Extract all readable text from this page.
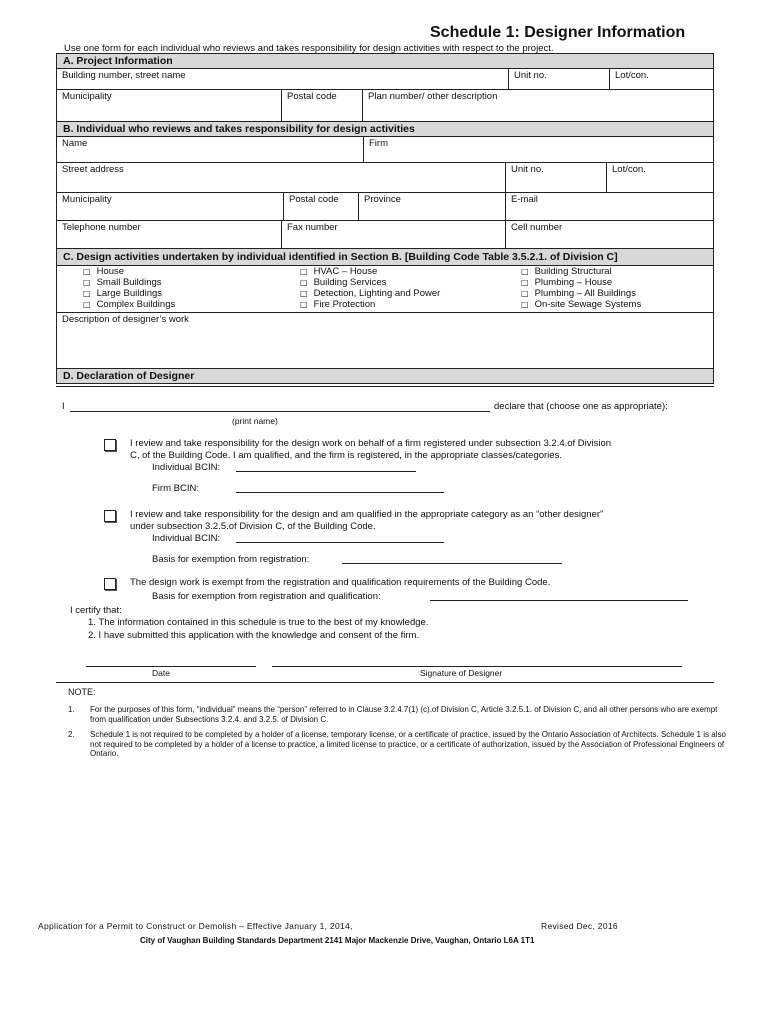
Schedule 1: Designer Information
Use one form for each individual who reviews and takes responsibility for design activities with respect to the project.
A. Project Information
Building number, street name	Unit no.	Lot/con.
Municipality	Postal code	Plan number/ other description
B. Individual who reviews and takes responsibility for design activities
Name	Firm
Street address	Unit no.	Lot/con.
Municipality	Postal code	Province	E-mail
Telephone number	Fax number	Cell number
C. Design activities undertaken by individual identified in Section B. [Building Code Table 3.5.2.1. of Division C]
□ House
□ Small Buildings
□ Large Buildings
□ Complex Buildings
□ HVAC – House
□ Building Services
□ Detection, Lighting and Power
□ Fire Protection
□ Building Structural
□ Plumbing – House
□ Plumbing – All Buildings
□ On-site Sewage Systems
Description of designer’s work
D. Declaration of Designer
I	declare that (choose one as appropriate):
(print name)
I review and take responsibility for the design work on behalf of a firm registered under subsection 3.2.4.of Division
C, of the Building Code. I am qualified, and the firm is registered, in the appropriate classes/categories.
Individual BCIN:
Firm BCIN:
I review and take responsibility for the design and am qualified in the appropriate category as an “other designer”
under subsection 3.2.5.of Division C, of the Building Code.
Individual BCIN:
Basis for exemption from registration:
The design work is exempt from the registration and qualification requirements of the Building Code.
Basis for exemption from registration and qualification:
I certify that:
1. The information contained in this schedule is true to the best of my knowledge.
2. I have submitted this application with the knowledge and consent of the firm.
Date	Signature of Designer
NOTE:
1. For the purposes of this form, “individual” means the “person” referred to in Clause 3.2.4.7(1) (c).of Division C, Article 3.2.5.1. of Division C, and all other persons who are exempt from qualification under Subsections 3.2.4. and 3.2.5. of Division C.
2. Schedule 1 is not required to be completed by a holder of a license, temporary license, or a certificate of practice, issued by the Ontario Association of Architects. Schedule 1 is also not required to be completed by a holder of a license to practice, a limited license to practice, or a certificate of authorization, issued by the Association of Professional Engineers of Ontario.
Application for a Permit to Construct or Demolish – Effective January 1, 2014,	Revised Dec, 2016
City of Vaughan Building Standards Department 2141 Major Mackenzie Drive, Vaughan, Ontario L6A 1T1
